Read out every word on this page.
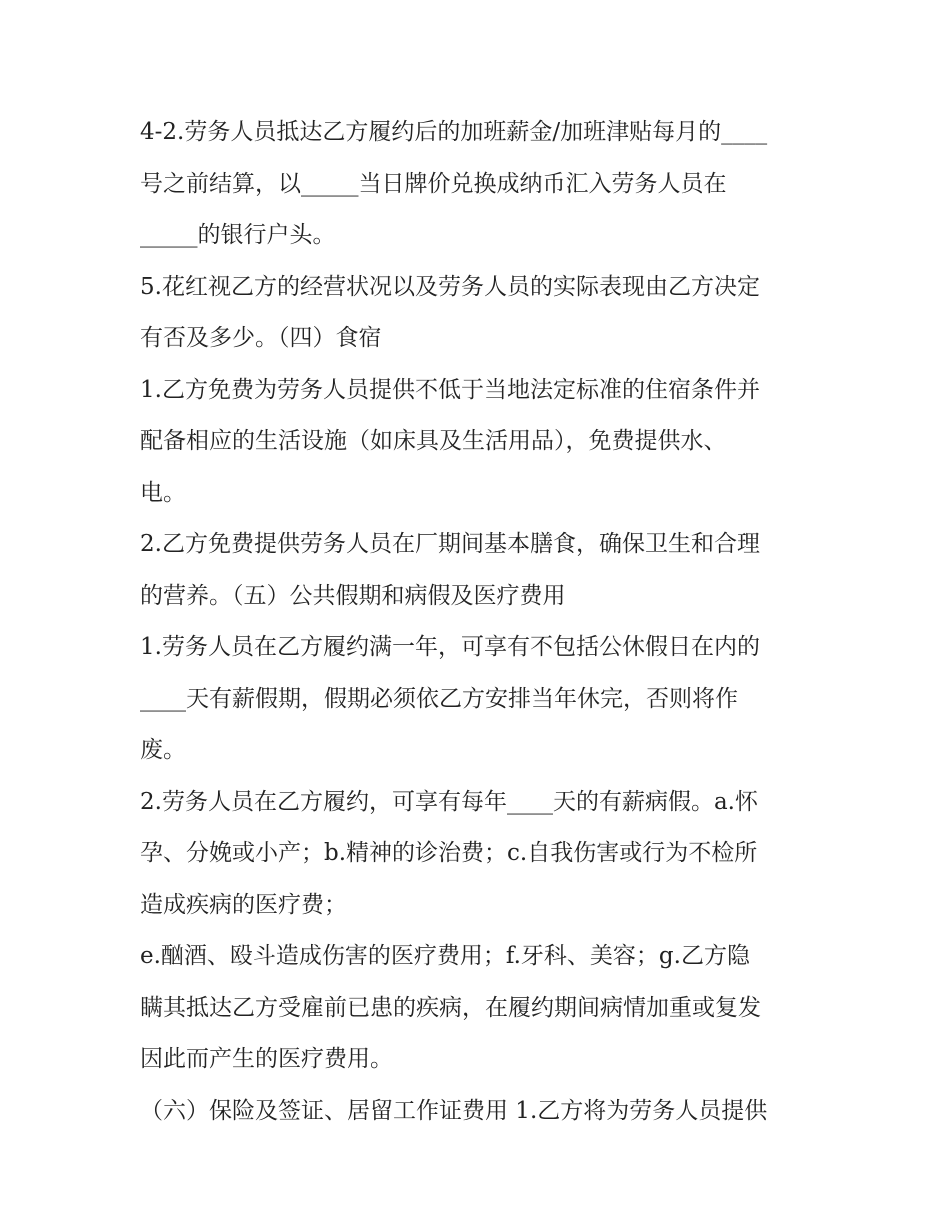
4-2.劳务人员抵达乙方履约后的加班薪金/加班津贴每月的____
号之前结算，以_____当日牌价兑换成纳币汇入劳务人员在
_____的银行户头。
5.花红视乙方的经营状况以及劳务人员的实际表现由乙方决定
有否及多少。（四）食宿
1.乙方免费为劳务人员提供不低于当地法定标准的住宿条件并
配备相应的生活设施（如床具及生活用品），免费提供水、
电。
2.乙方免费提供劳务人员在厂期间基本膳食，确保卫生和合理
的营养。（五）公共假期和病假及医疗费用
1.劳务人员在乙方履约满一年，可享有不包括公休假日在内的
____天有薪假期，假期必须依乙方安排当年休完，否则将作
废。
2.劳务人员在乙方履约，可享有每年____天的有薪病假。a.怀
孕、分娩或小产；b.精神的诊治费；c.自我伤害或行为不检所
造成疾病的医疗费；
e.酗酒、殴斗造成伤害的医疗费用；f.牙科、美容；g.乙方隐
瞒其抵达乙方受雇前已患的疾病，在履约期间病情加重或复发
因此而产生的医疗费用。
（六）保险及签证、居留工作证费用 1.乙方将为劳务人员提供
